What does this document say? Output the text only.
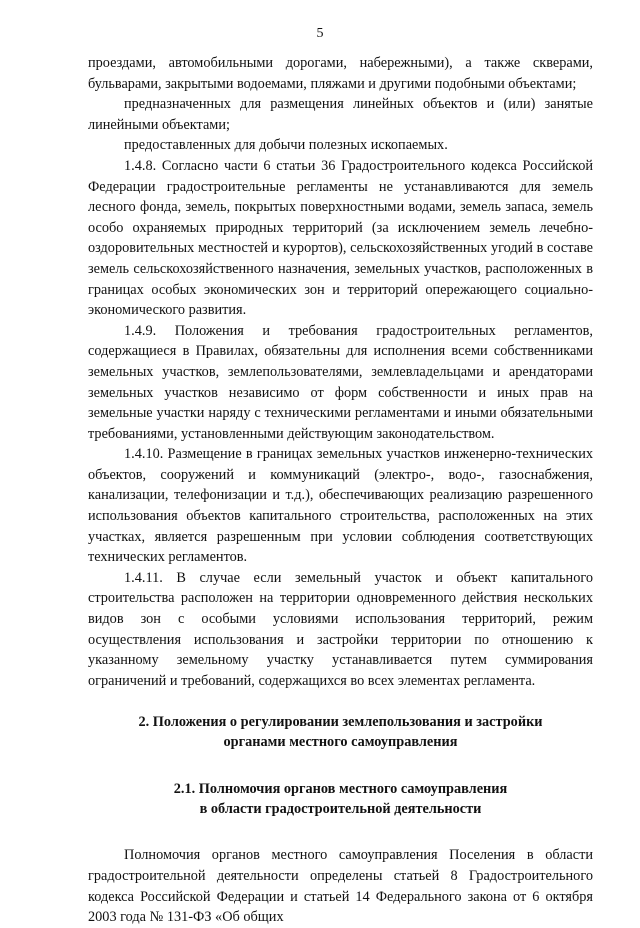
5

проездами, автомобильными дорогами, набережными), а также скверами, бульварами, закрытыми водоемами, пляжами и другими подобными объектами;

предназначенных для размещения линейных объектов и (или) занятые линейными объектами;

предоставленных для добычи полезных ископаемых.

1.4.8. Согласно части 6 статьи 36 Градостроительного кодекса Российской Федерации градостроительные регламенты не устанавливаются для земель лесного фонда, земель, покрытых поверхностными водами, земель запаса, земель особо охраняемых природных территорий (за исключением земель лечебно-оздоровительных местностей и курортов), сельскохозяйственных угодий в составе земель сельскохозяйственного назначения, земельных участков, расположенных в границах особых экономических зон и территорий опережающего социально-экономического развития.

1.4.9. Положения и требования градостроительных регламентов, содержащиеся в Правилах, обязательны для исполнения всеми собственниками земельных участков, землепользователями, землевладельцами и арендаторами земельных участков независимо от форм собственности и иных прав на земельные участки наряду с техническими регламентами и иными обязательными требованиями, установленными действующим законодательством.

1.4.10. Размещение в границах земельных участков инженерно-технических объектов, сооружений и коммуникаций (электро-, водо-, газоснабжения, канализации, телефонизации и т.д.), обеспечивающих реализацию разрешенного использования объектов капитального строительства, расположенных на этих участках, является разрешенным при условии соблюдения соответствующих технических регламентов.

1.4.11. В случае если земельный участок и объект капитального строительства расположен на территории одновременного действия нескольких видов зон с особыми условиями использования территорий, режим осуществления использования и застройки территории по отношению к указанному земельному участку устанавливается путем суммирования ограничений и требований, содержащихся во всех элементах регламента.

2. Положения о регулировании землепользования и застройки

органами местного самоуправления

2.1. Полномочия органов местного самоуправления

в области градостроительной деятельности

Полномочия органов местного самоуправления Поселения в области градостроительной деятельности определены статьей 8 Градостроительного кодекса Российской Федерации и статьей 14 Федерального закона от 6 октября 2003 года № 131-ФЗ «Об общих
